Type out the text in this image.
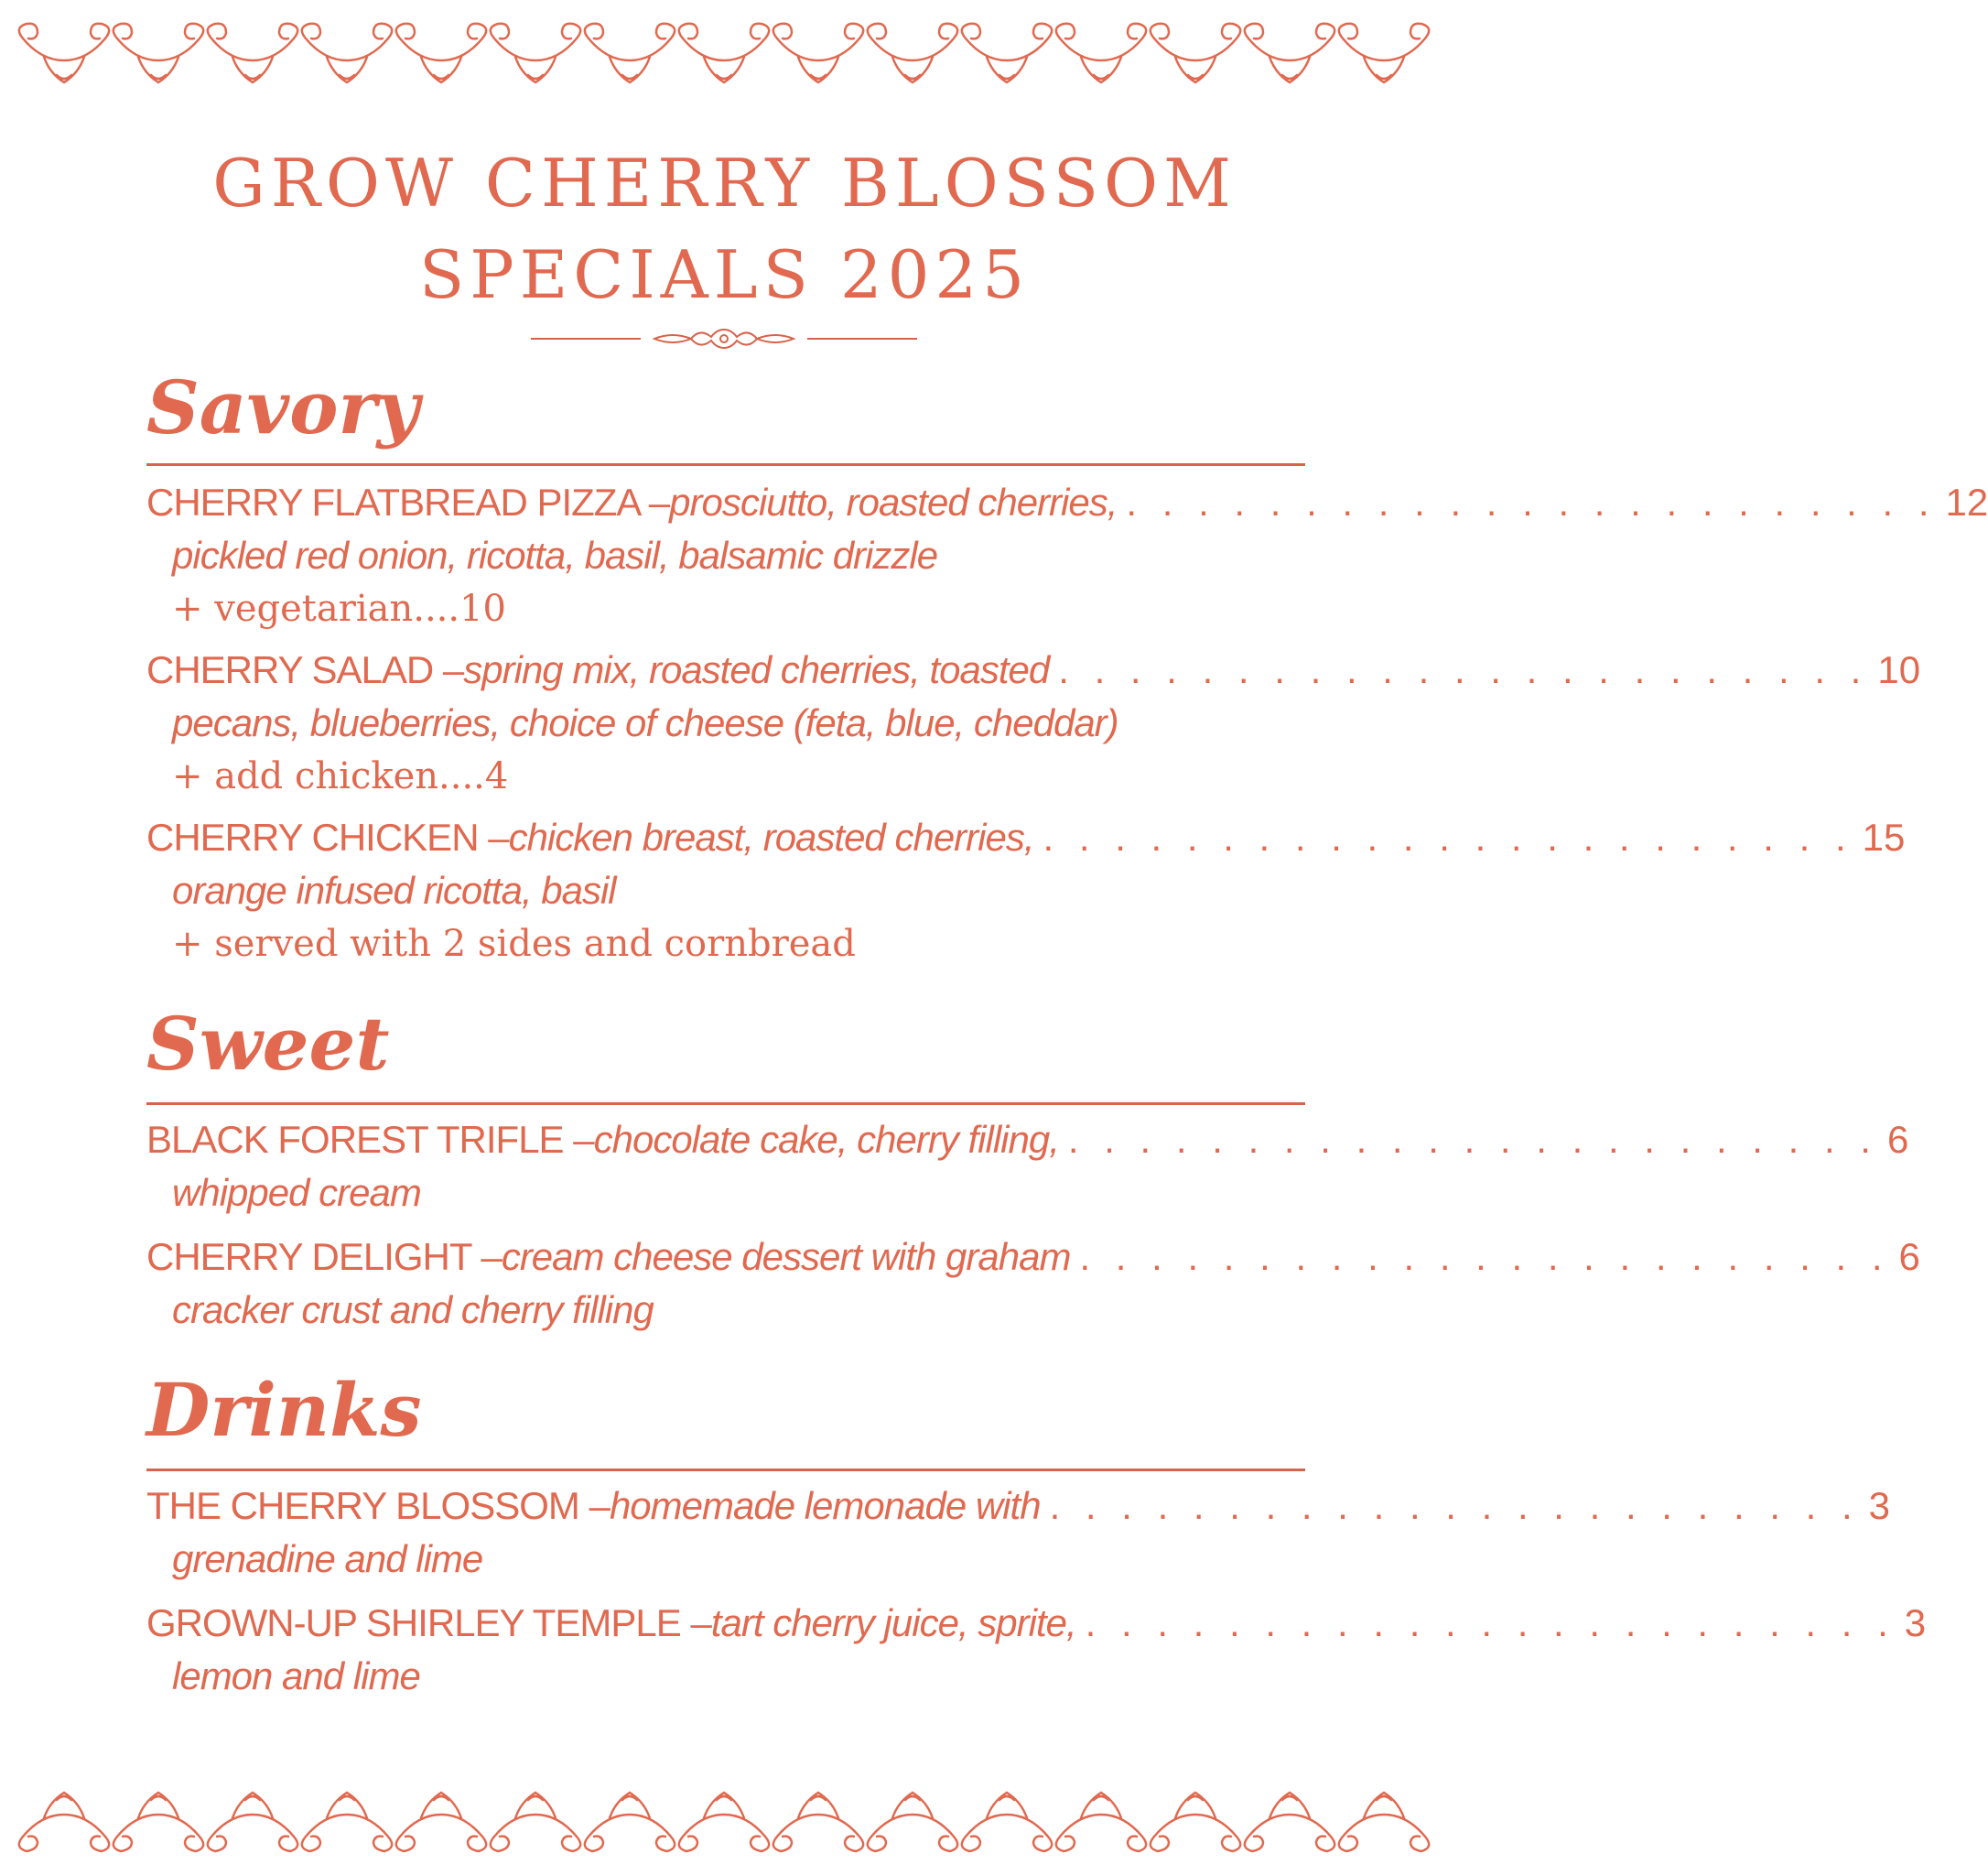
GROW CHERRY BLOSSOM

SPECIALS 2025

Savory
CHERRY FLATBREAD PIZZA – prosciutto, roasted cherries, . . . . . . . . . . . . . . . . . . . . . . . 12
pickled red onion, ricotta, basil, balsamic drizzle
+ vegetarian....10
CHERRY SALAD – spring mix, roasted cherries, toasted . . . . . . . . . . . . . . . . . . . . . . . 10
pecans, blueberries, choice of cheese (feta, blue, cheddar)
+ add chicken....4
CHERRY CHICKEN – chicken breast, roasted cherries, . . . . . . . . . . . . . . . . . . . . . . . 15
orange infused ricotta, basil
+ served with 2 sides and cornbread
Sweet
BLACK FOREST TRIFLE – chocolate cake, cherry filling, . . . . . . . . . . . . . . . . . . . . . . . 6
whipped cream
CHERRY DELIGHT – cream cheese dessert with graham . . . . . . . . . . . . . . . . . . . . . . . 6
cracker crust and cherry filling
Drinks
THE CHERRY BLOSSOM – homemade lemonade with . . . . . . . . . . . . . . . . . . . . . . . 3
grenadine and lime
GROWN-UP SHIRLEY TEMPLE – tart cherry juice, sprite, . . . . . . . . . . . . . . . . . . . . . . . 3
lemon and lime
